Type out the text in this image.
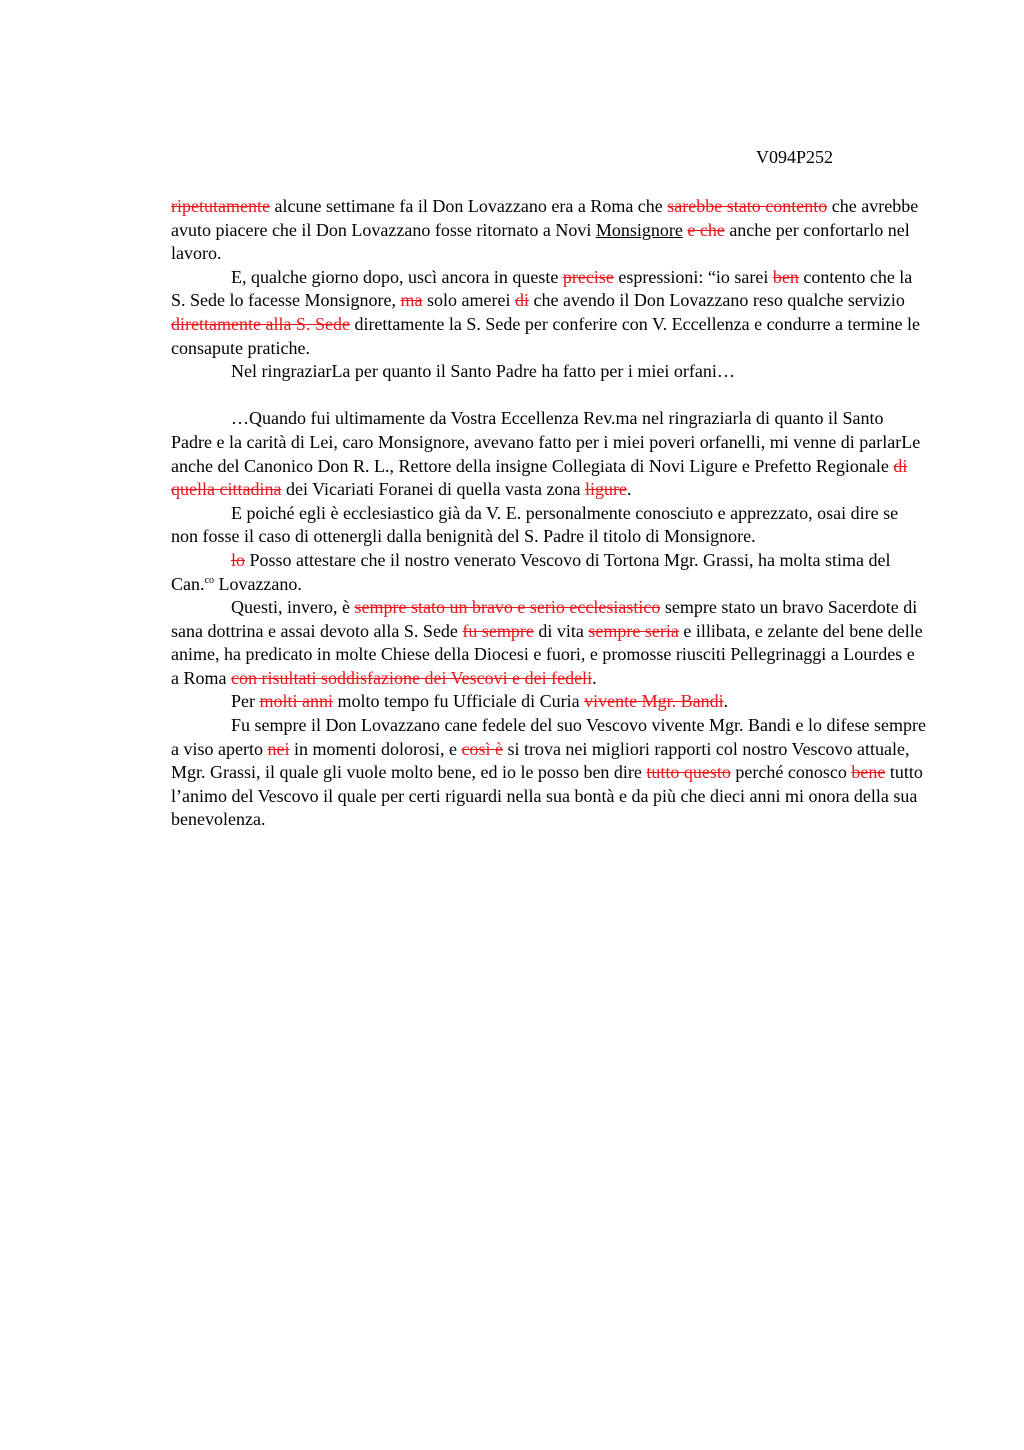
V094P252

ripetutamente alcune settimane fa il Don Lovazzano era a Roma che sarebbe stato contento che avrebbe avuto piacere che il Don Lovazzano fosse ritornato a Novi Monsignore e che anche per confortarlo nel lavoro.

E, qualche giorno dopo, uscì ancora in queste precise espressioni: “io sarei ben contento che la S. Sede lo facesse Monsignore, ma solo amerei di che avendo il Don Lovazzano reso qualche servizio direttamente alla S. Sede direttamente la S. Sede per conferire con V. Eccellenza e condurre a termine le consapute pratiche.

Nel ringraziarLa per quanto il Santo Padre ha fatto per i miei orfani…

…Quando fui ultimamente da Vostra Eccellenza Rev.ma nel ringraziarla di quanto il Santo Padre e la carità di Lei, caro Monsignore, avevano fatto per i miei poveri orfanelli, mi venne di parlarLe anche del Canonico Don R. L., Rettore della insigne Collegiata di Novi Ligure e Prefetto Regionale di quella cittadina dei Vicariati Foranei di quella vasta zona ligure.

E poiché egli è ecclesiastico già da V. E. personalmente conosciuto e apprezzato, osai dire se non fosse il caso di ottenergli dalla benignità del S. Padre il titolo di Monsignore.

lo Posso attestare che il nostro venerato Vescovo di Tortona Mgr. Grassi, ha molta stima del Can.$^{co}$ Lovazzano.

Questi, invero, è sempre stato un bravo e serio ecclesiastico sempre stato un bravo Sacerdote di sana dottrina e assai devoto alla S. Sede fu sempre di vita sempre seria e illibata, e zelante del bene delle anime, ha predicato in molte Chiese della Diocesi e fuori, e promosse riusciti Pellegrinaggi a Lourdes e a Roma con risultati soddisfazione dei Vescovi e dei fedeli.

Per molti anni molto tempo fu Ufficiale di Curia vivente Mgr. Bandi.

Fu sempre il Don Lovazzano cane fedele del suo Vescovo vivente Mgr. Bandi e lo difese sempre a viso aperto nei in momenti dolorosi, e così è si trova nei migliori rapporti col nostro Vescovo attuale, Mgr. Grassi, il quale gli vuole molto bene, ed io le posso ben dire tutto questo perché conosco bene tutto l’animo del Vescovo il quale per certi riguardi nella sua bontà e da più che dieci anni mi onora della sua benevolenza.
